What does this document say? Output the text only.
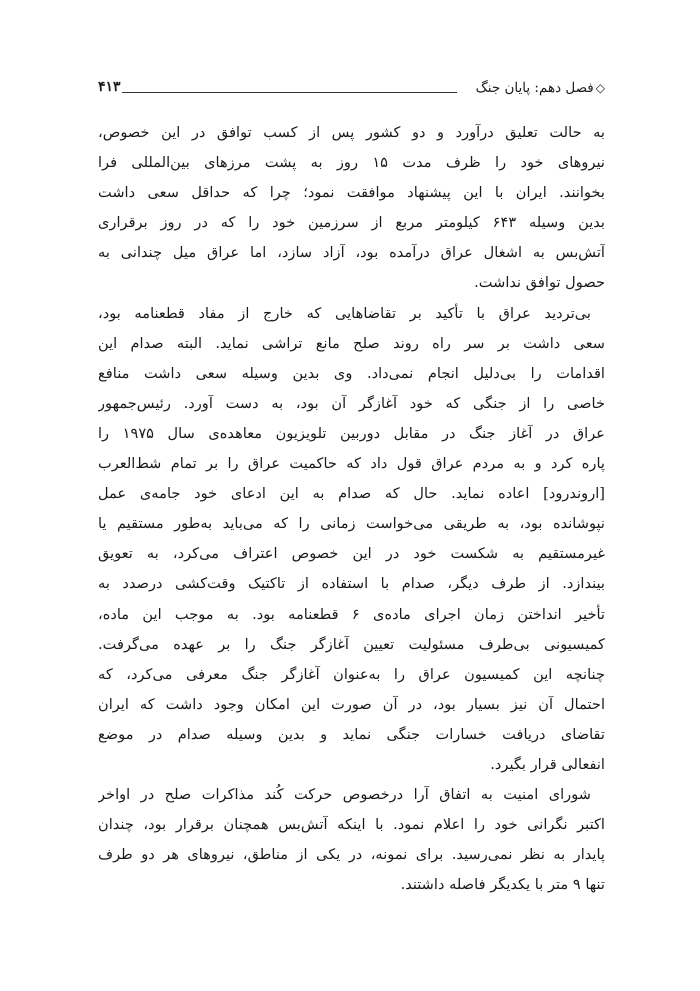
◇فصل دهم: پایان جنگ
۴۱۳
به حالت تعلیق درآورد و دو کشور پس از کسب توافق در این خصوص،
نیروهای خود را ظرف مدت ۱۵ روز به پشت مرزهای بین‌المللی فرا
بخوانند. ایران با این پیشنهاد موافقت نمود؛ چرا که حداقل سعی داشت
بدین وسیله ۶۴۳ کیلومتر مربع از سرزمین خود را که در روز برقراری
آتش‌بس به اشغال عراق درآمده بود، آزاد سازد، اما عراق میل چندانی به
حصول توافق نداشت.
بی‌تردید عراق با تأکید بر تقاضاهایی که خارج از مفاد قطعنامه بود،
سعی داشت بر سر راه روند صلح مانع تراشی نماید. البته صدام این
اقدامات را بی‌دلیل انجام نمی‌داد. وی بدین وسیله سعی داشت منافع
خاصی را از جنگی که خود آغازگر آن بود، به دست آورد. رئیس‌جمهور
عراق در آغاز جنگ در مقابل دوربین تلویزیون معاهده‌ی سال ۱۹۷۵ را
پاره کرد و به مردم عراق قول داد که حاکمیت عراق را بر تمام شط‌العرب
[اروندرود] اعاده نماید. حال که صدام به این ادعای خود جامه‌ی عمل
نپوشانده بود، به طریقی می‌خواست زمانی را که می‌باید به‌طور مستقیم یا
غیرمستقیم به شکست خود در این خصوص اعتراف می‌کرد، به تعویق
بیندازد. از طرف دیگر، صدام با استفاده از تاکتیک وقت‌کشی درصدد به
تأخیر انداختن زمان اجرای ماده‌ی ۶ قطعنامه بود. به موجب این ماده،
کمیسیونی بی‌طرف مسئولیت تعیین آغازگر جنگ را بر عهده می‌گرفت.
چنانچه این کمیسیون عراق را به‌عنوان آغازگر جنگ معرفی می‌کرد، که
احتمال آن نیز بسیار بود، در آن صورت این امکان وجود داشت که ایران
تقاضای دریافت خسارات جنگی نماید و بدین وسیله صدام در موضع
انفعالی قرار بگیرد.
شورای امنیت به اتفاق آرا درخصوص حرکت کُند مذاکرات صلح در اواخر
اکتبر نگرانی خود را اعلام نمود. با اینکه آتش‌بس همچنان برقرار بود، چندان
پایدار به نظر نمی‌رسید. برای نمونه، در یکی از مناطق، نیروهای هر دو طرف
تنها ۹ متر با یکدیگر فاصله داشتند.
